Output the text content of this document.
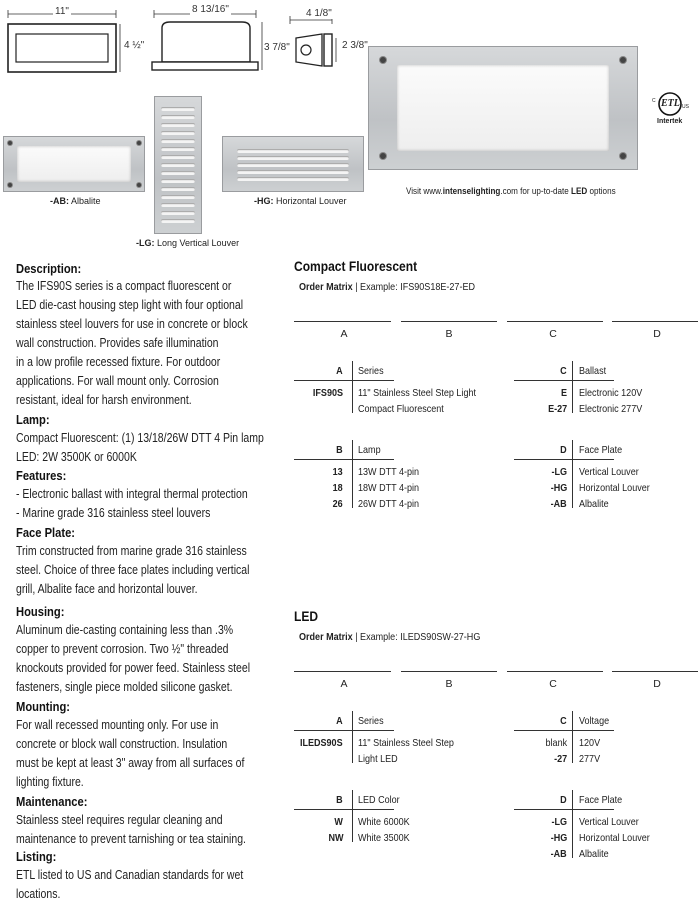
11"
4 ½"
8 13/16"
3 7/8"
4 1/8"
2 3/8"
ETL
C
US
Intertek
Visit www.intenselighting.com for up-to-date LED options
-AB: Albalite
-LG: Long Vertical Louver
-HG: Horizontal Louver
Description:
The IFS90S series is a compact fluorescent or
LED die-cast housing step light with four optional
stainless steel louvers for use in concrete or block
wall construction. Provides safe illumination
in a low profile recessed fixture. For outdoor
applications. For wall mount only. Corrosion
resistant, ideal for harsh environment.
Lamp:
Compact Fluorescent: (1) 13/18/26W DTT 4 Pin lamp
LED: 2W 3500K or 6000K
Features:
- Electronic ballast with integral thermal protection
- Marine grade 316 stainless steel louvers
Face Plate:
Trim constructed from marine grade 316 stainless
steel. Choice of three face plates including vertical
grill, Albalite face and horizontal louver.
Housing:
Aluminum die-casting containing less than .3%
copper to prevent corrosion. Two ½" threaded
knockouts provided for power feed. Stainless steel
fasteners, single piece molded silicone gasket.
Mounting:
For wall recessed mounting only. For use in
concrete or block wall construction. Insulation
must be kept at least 3" away from all surfaces of
lighting fixture.
Maintenance:
Stainless steel requires regular cleaning and
maintenance to prevent tarnishing or tea staining.
Listing:
ETL listed to US and Canadian standards for wet
locations.
Compact Fluorescent
Order Matrix | Example: IFS90S18E-27-ED
A	B	C	D
A Series
IFS90S 11" Stainless Steel Step Light
Compact Fluorescent
B Lamp
13 13W DTT 4-pin
18 18W DTT 4-pin
26 26W DTT 4-pin
C Ballast
E Electronic 120V
E-27 Electronic 277V
D Face Plate
-LG Vertical Louver
-HG Horizontal Louver
-AB Albalite
LED
Order Matrix | Example: ILEDS90SW-27-HG
A	B	C	D
A Series
ILEDS90S 11" Stainless Steel Step
Light LED
B LED Color
W White 6000K
NW White 3500K
C Voltage
blank 120V
-27 277V
D Face Plate
-LG Vertical Louver
-HG Horizontal Louver
-AB Albalite
